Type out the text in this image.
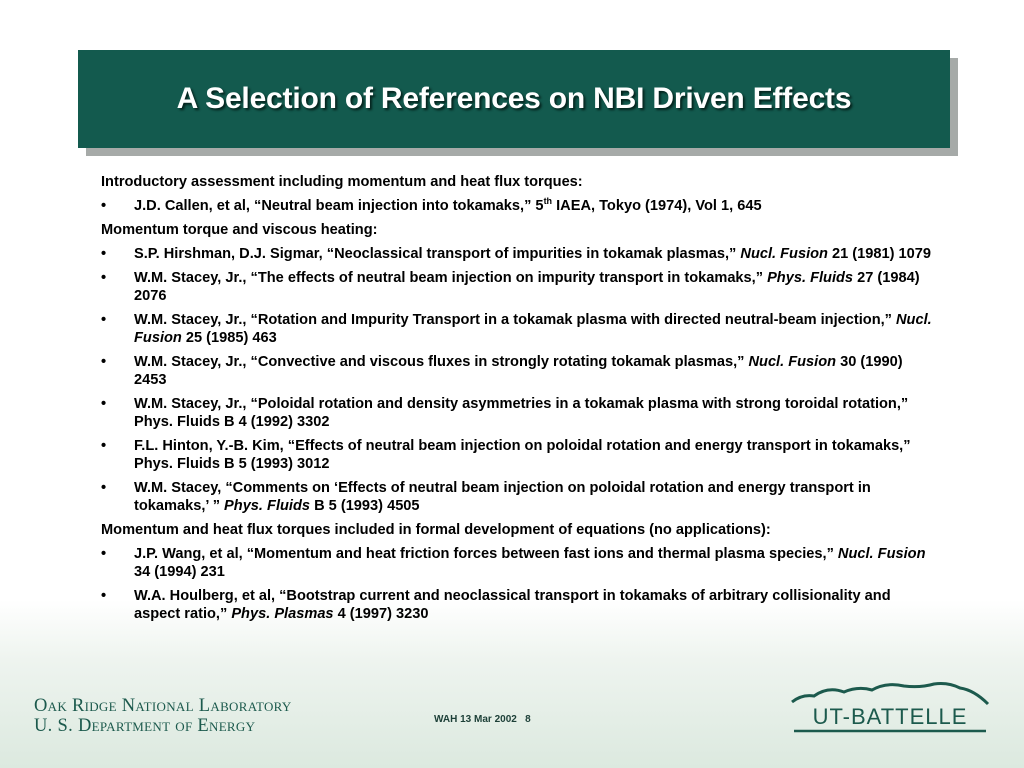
A Selection of References on NBI Driven Effects
Introductory assessment including momentum and heat flux torques:
•	J.D. Callen, et al, “Neutral beam injection into tokamaks,” 5th IAEA, Tokyo (1974), Vol 1, 645
Momentum torque and viscous heating:
•	S.P. Hirshman, D.J. Sigmar, “Neoclassical transport of impurities in tokamak plasmas,” Nucl. Fusion 21 (1981) 1079
•	W.M. Stacey, Jr., “The effects of neutral beam injection on impurity transport in tokamaks,” Phys. Fluids 27 (1984) 2076
•	W.M. Stacey, Jr., “Rotation and Impurity Transport in a tokamak plasma with directed neutral-beam injection,” Nucl. Fusion 25 (1985) 463
•	W.M. Stacey, Jr., “Convective and viscous fluxes in strongly rotating tokamak plasmas,” Nucl. Fusion 30 (1990) 2453
•	W.M. Stacey, Jr., “Poloidal rotation and density asymmetries in a tokamak plasma with strong toroidal rotation,” Phys. Fluids B 4 (1992) 3302
•	F.L. Hinton, Y.-B. Kim, “Effects of neutral beam injection on poloidal rotation and energy transport in tokamaks,” Phys. Fluids B 5 (1993) 3012
•	W.M. Stacey, “Comments on ‘Effects of neutral beam injection on poloidal rotation and energy transport in tokamaks,’ ” Phys. Fluids B 5 (1993) 4505
Momentum and heat flux torques included in formal development of equations (no applications):
•	J.P. Wang, et al, “Momentum and heat friction forces between fast ions and thermal plasma species,” Nucl. Fusion 34 (1994) 231
•	W.A. Houlberg, et al, “Bootstrap current and neoclassical transport in tokamaks of arbitrary collisionality and aspect ratio,” Phys. Plasmas 4 (1997) 3230
Oak Ridge National Laboratory
U. S. Department of Energy	WAH 13 Mar 2002   8	UT-BATTELLE
